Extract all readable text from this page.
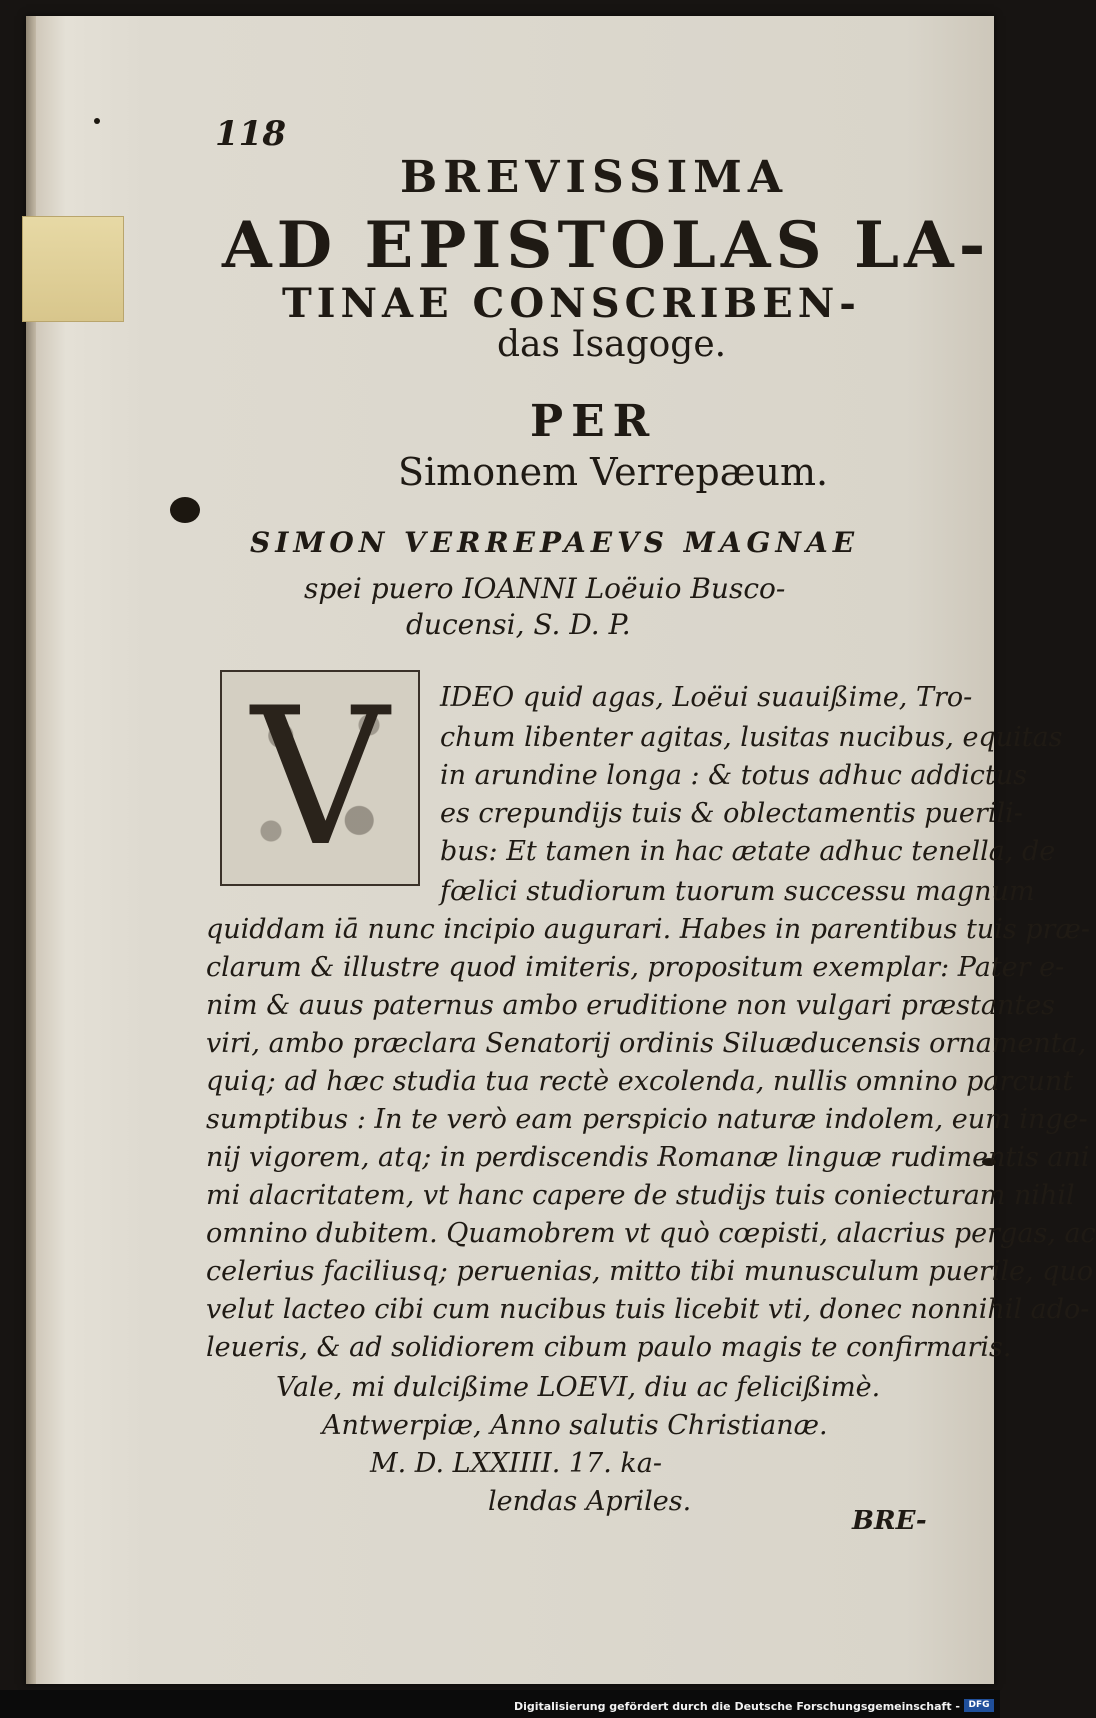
118
BREVISSIMA
AD EPISTOLAS LA-
TINAE CONSCRIBEN-
das Isagoge.
PER
Simonem Verrepæum.
SIMON VERREPAEVS MAGNAE
spei puero IOANNI Loëuio Busco-
ducensi, S. D. P.
V	IDEO quid agas, Loëui suauißime, Tro-
chum libenter agitas, lusitas nucibus, equitas
in arundine longa : & totus adhuc addictus
es crepundijs tuis & oblectamentis puerili-
bus: Et tamen in hac ætate adhuc tenella, de
fœlici studiorum tuorum successu magnum
quiddam iā nunc incipio augurari. Habes in parentibus tuis præ-
clarum & illustre quod imiteris, propositum exemplar: Pater e-
nim & auus paternus ambo eruditione non vulgari præstantes
viri, ambo præclara Senatorij ordinis Siluæducensis ornamenta,
quiq; ad hæc studia tua rectè excolenda, nullis omnino parcunt
sumptibus : In te verò eam perspicio naturæ indolem, eum inge-
nij vigorem, atq; in perdiscendis Romanæ linguæ rudimentis ani
mi alacritatem, vt hanc capere de studijs tuis coniecturam nihil
omnino dubitem. Quamobrem vt quò cœpisti, alacrius pergas, ac
celerius faciliusq; peruenias, mitto tibi munusculum puerile, quo
velut lacteo cibi cum nucibus tuis licebit vti, donec nonnihil ado-
leueris, & ad solidiorem cibum paulo magis te confirmaris.
Vale, mi dulcißime LOEVI, diu ac felicißimè.
Antwerpiæ, Anno salutis Christianæ.
M. D. LXXIIII. 17. ka-
lendas Apriles.
BRE-
Digitalisierung gefördert durch die Deutsche Forschungsgemeinschaft - DFG
